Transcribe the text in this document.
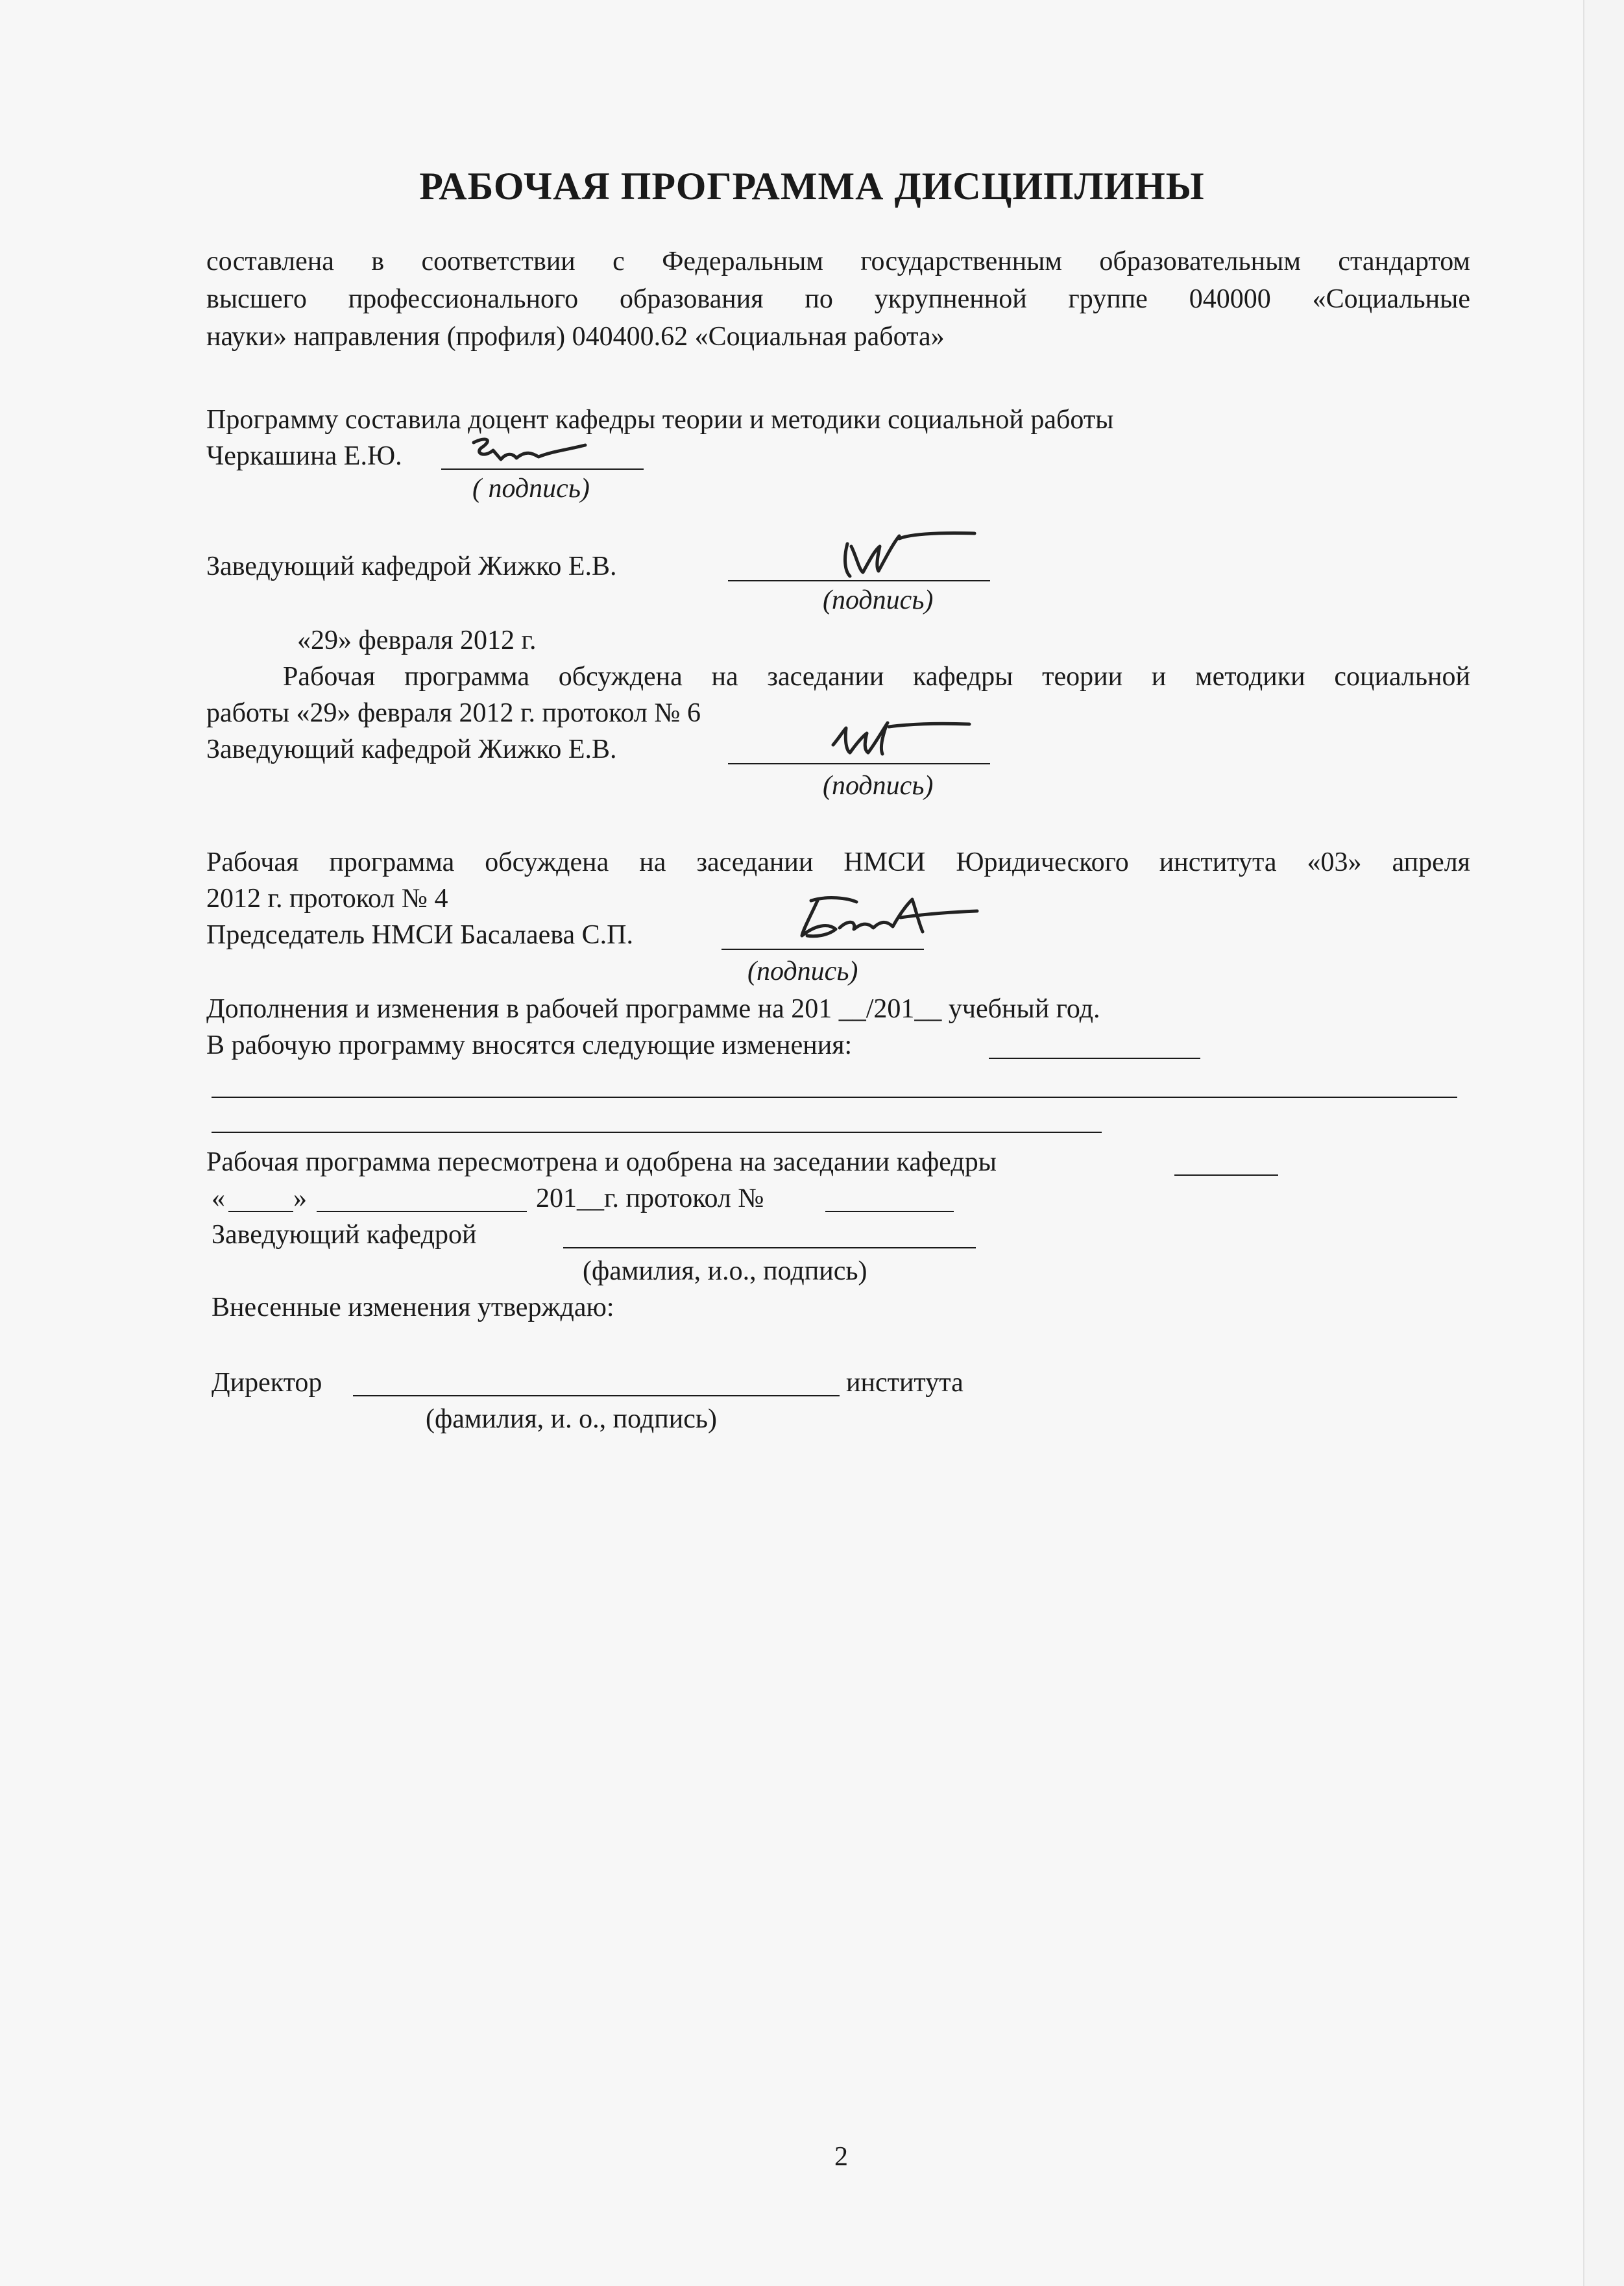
РАБОЧАЯ ПРОГРАММА ДИСЦИПЛИНЫ
составлена в соответствии с Федеральным государственным образовательным стандартом
высшего профессионального образования по укрупненной группе 040000 «Социальные
науки» направления (профиля) 040400.62 «Социальная работа»
Программу составила доцент кафедры теории и методики социальной работы
Черкашина Е.Ю.
( подпись)
Заведующий кафедрой Жижко Е.В.
(подпись)
«29» февраля 2012 г.
Рабочая программа обсуждена на заседании кафедры теории и методики социальной
работы «29» февраля 2012 г. протокол № 6
Заведующий кафедрой Жижко Е.В.
(подпись)
Рабочая программа обсуждена на заседании НМСИ Юридического института «03» апреля
2012 г. протокол № 4
Председатель НМСИ Басалаева С.П.
(подпись)
Дополнения и изменения в рабочей программе на 201 __/201__ учебный год.
В рабочую программу вносятся следующие изменения:
Рабочая программа пересмотрена и одобрена на заседании кафедры
«	»	201__г. протокол №
Заведующий кафедрой
(фамилия, и.о., подпись)
Внесенные изменения утверждаю:
Директор	института
(фамилия, и. о., подпись)
2
